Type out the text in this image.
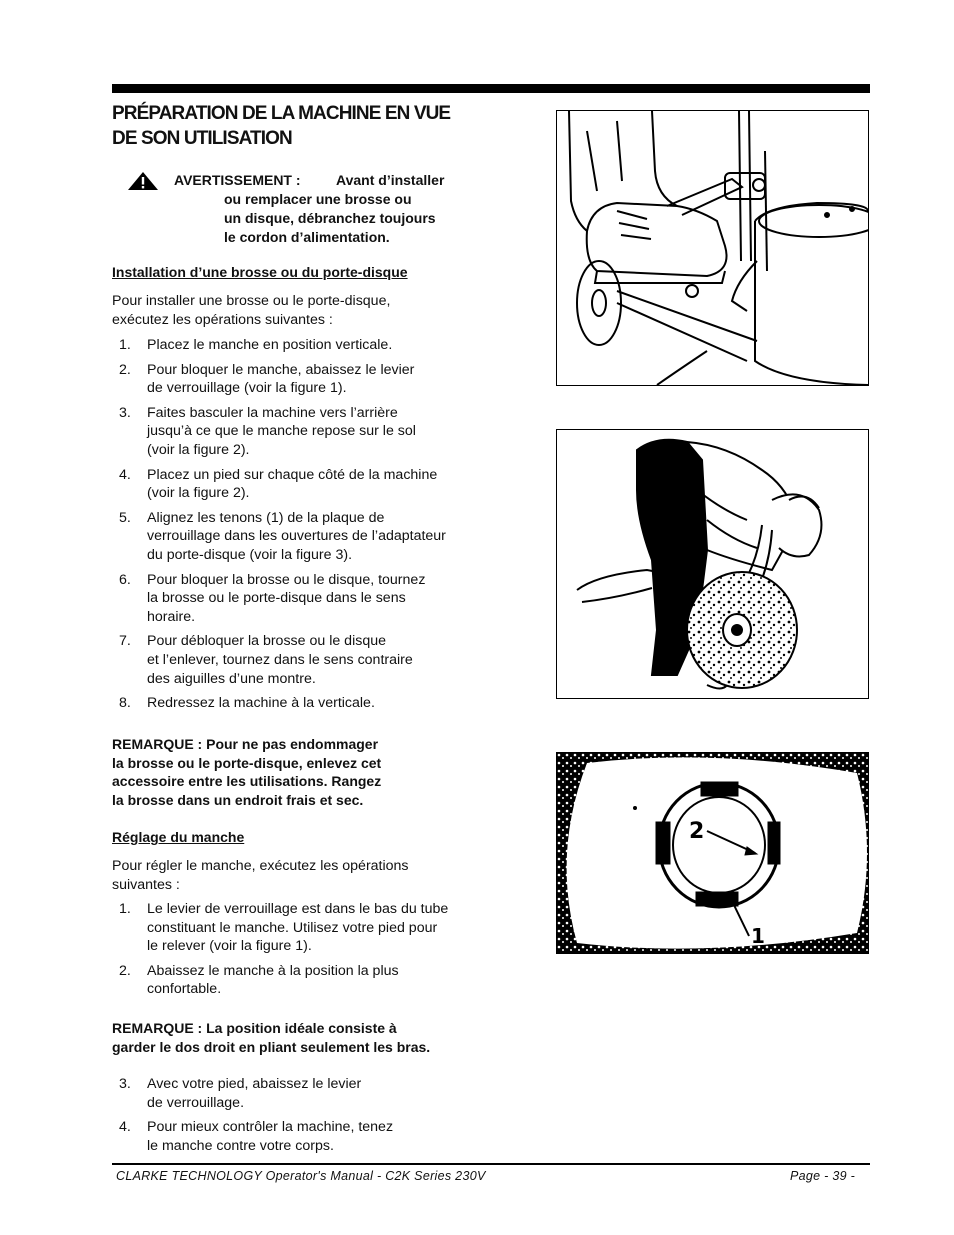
PRÉPARATION DE LA MACHINE EN VUE
DE SON UTILISATION
AVERTISSEMENT :	Avant d’installer
ou remplacer une brosse ou
un disque, débranchez toujours
le cordon d’alimentation.
Installation d’une brosse ou du porte-disque

Pour installer une brosse ou le porte-disque,
exécutez les opérations suivantes :

1. Placez le manche en position verticale.
2. Pour bloquer le manche, abaissez le levier
de verrouillage (voir la figure 1).
3. Faites basculer la machine vers l’arrière
jusqu’à ce que le manche repose sur le sol
(voir la figure 2).
4. Placez un pied sur chaque côté de la machine
(voir la figure 2).
5. Alignez les tenons (1) de la plaque de
verrouillage dans les ouvertures de l’adaptateur
du porte-disque (voir la figure 3).
6. Pour bloquer la brosse ou le disque, tournez
la brosse ou le porte-disque dans le sens
horaire.
7. Pour débloquer la brosse ou le disque
et l’enlever, tournez dans le sens contraire
des aiguilles d’une montre.
8. Redressez la machine à la verticale.

REMARQUE : Pour ne pas endommager
la brosse ou le porte-disque, enlevez cet
accessoire entre les utilisations. Rangez
la brosse dans un endroit frais et sec.

Réglage du manche

Pour régler le manche, exécutez les opérations
suivantes :

1. Le levier de verrouillage est dans le bas du tube
constituant le manche. Utilisez votre pied pour
le relever (voir la figure 1).
2. Abaissez le manche à la position la plus
confortable.

REMARQUE : La position idéale consiste à
garder le dos droit en pliant seulement les bras.

3. Avec votre pied, abaissez le levier
de verrouillage.
4. Pour mieux contrôler la machine, tenez
le manche contre votre corps.
2
1
CLARKE TECHNOLOGY Operator's Manual - C2K Series 230V	Page - 39 -
